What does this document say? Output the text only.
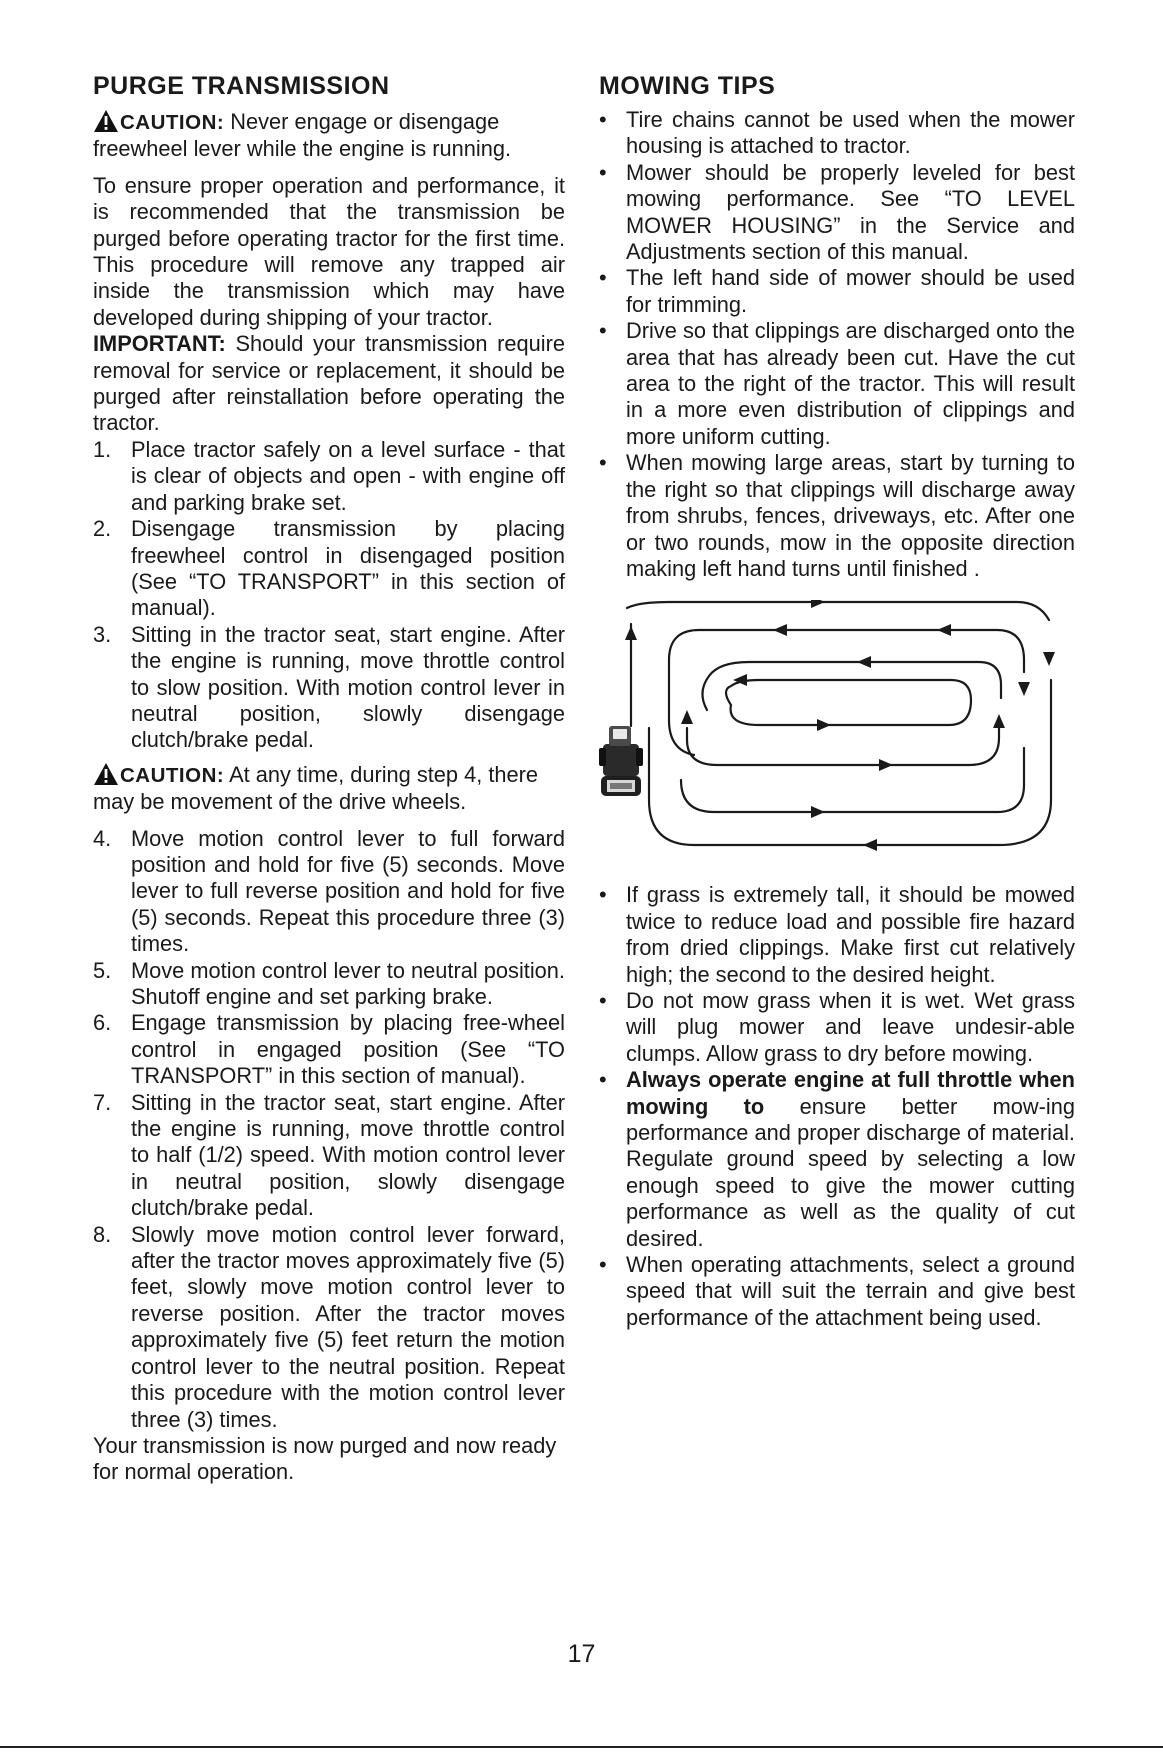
PURGE TRANSMISSION

CAUTION: Never engage or disengage freewheel lever while the engine is running.

To ensure proper operation and performance, it is recommended that the transmission be purged before operating tractor for the first time. This procedure will remove any trapped air inside the transmission which may have developed during shipping of your tractor.

IMPORTANT: Should your transmission require removal for service or replacement, it should be purged after reinstallation before operating the tractor.

1. Place tractor safely on a level surface - that is clear of objects and open - with engine off and parking brake set.
2. Disengage transmission by placing freewheel control in disengaged position (See “TO TRANSPORT” in this section of manual).
3. Sitting in the tractor seat, start engine. After the engine is running, move throttle control to slow position. With motion control lever in neutral position, slowly disengage clutch/brake pedal.

CAUTION: At any time, during step 4, there may be movement of the drive wheels.

4. Move motion control lever to full forward position and hold for five (5) seconds. Move lever to full reverse position and hold for five (5) seconds. Repeat this procedure three (3) times.
5. Move motion control lever to neutral position. Shutoff engine and set parking brake.
6. Engage transmission by placing free-wheel control in engaged position (See “TO TRANSPORT” in this section of manual).
7. Sitting in the tractor seat, start engine. After the engine is running, move throttle control to half (1/2) speed. With motion control lever in neutral position, slowly disengage clutch/brake pedal.
8. Slowly move motion control lever forward, after the tractor moves approximately five (5) feet, slowly move motion control lever to reverse position. After the tractor moves approximately five (5) feet return the motion control lever to the neutral position. Repeat this procedure with the motion control lever three (3) times.

Your transmission is now purged and now ready for normal operation.

MOWING TIPS
• Tire chains cannot be used when the mower housing is attached to tractor.
• Mower should be properly leveled for best mowing performance. See “TO LEVEL MOWER HOUSING” in the Service and Adjustments section of this manual.
• The left hand side of mower should be used for trimming.
• Drive so that clippings are discharged onto the area that has already been cut. Have the cut area to the right of the tractor. This will result in a more even distribution of clippings and more uniform cutting.
• When mowing large areas, start by turning to the right so that clippings will discharge away from shrubs, fences, driveways, etc. After one or two rounds, mow in the opposite direction making left hand turns until finished .
• If grass is extremely tall, it should be mowed twice to reduce load and possible fire hazard from dried clippings. Make first cut relatively high; the second to the desired height.
• Do not mow grass when it is wet. Wet grass will plug mower and leave undesir-able clumps. Allow grass to dry before mowing.
• Always operate engine at full throttle when mowing to ensure better mow-ing performance and proper discharge of material. Regulate ground speed by selecting a low enough speed to give the mower cutting performance as well as the quality of cut desired.
• When operating attachments, select a ground speed that will suit the terrain and give best performance of the attachment being used.
17
